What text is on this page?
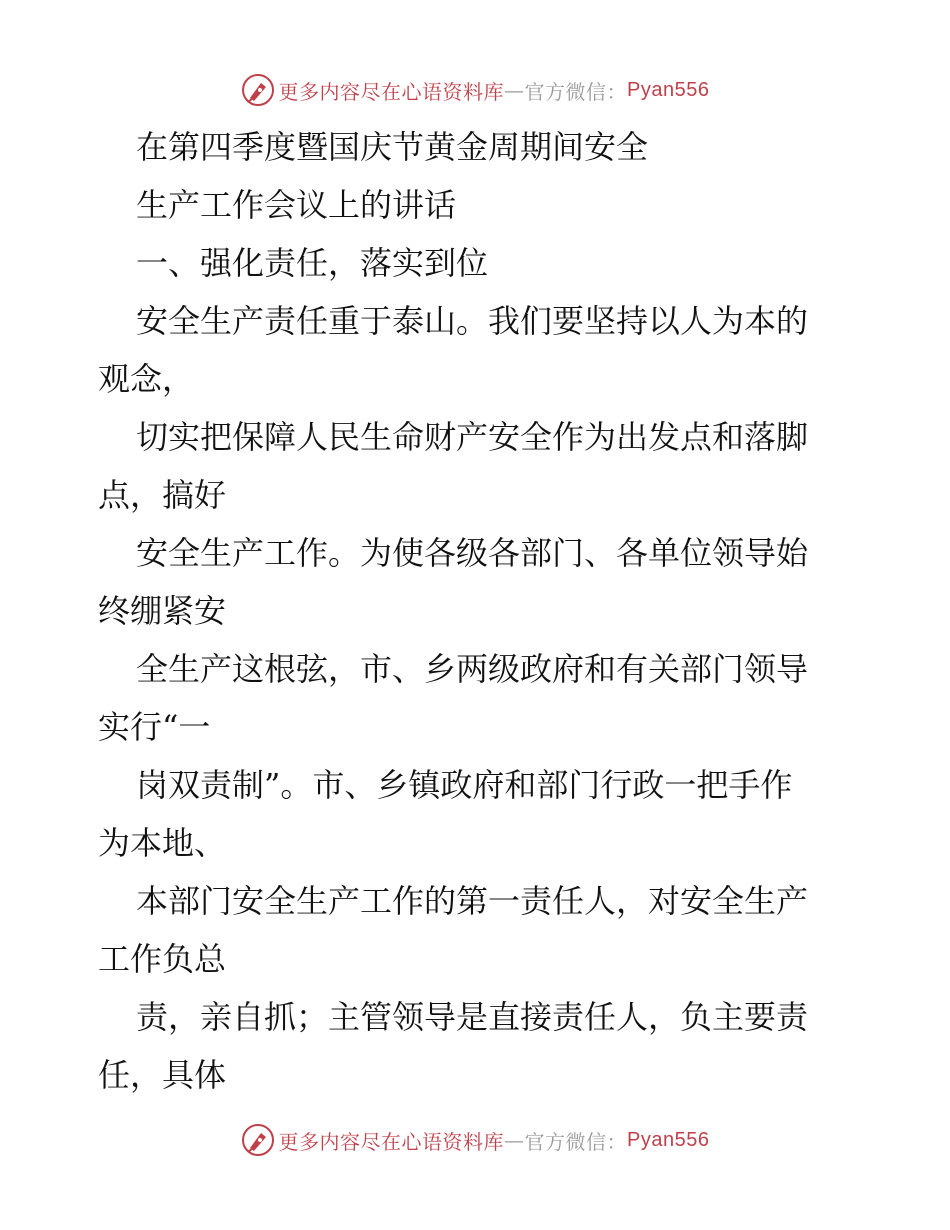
更多内容尽在心语资料库 — 官方微信： Pyan556
在第四季度暨国庆节黄金周期间安全
生产工作会议上的讲话
一、强化责任，落实到位
安全生产责任重于泰山。我们要坚持以人为本的
观念，
切实把保障人民生命财产安全作为出发点和落脚
点，搞好
安全生产工作。为使各级各部门、各单位领导始
终绷紧安
全生产这根弦，市、乡两级政府和有关部门领导
实行“一
岗双责制”。市、乡镇政府和部门行政一把手作
为本地、
本部门安全生产工作的第一责任人，对安全生产
工作负总
责，亲自抓；主管领导是直接责任人，负主要责
任，具体
更多内容尽在心语资料库 — 官方微信： Pyan556
